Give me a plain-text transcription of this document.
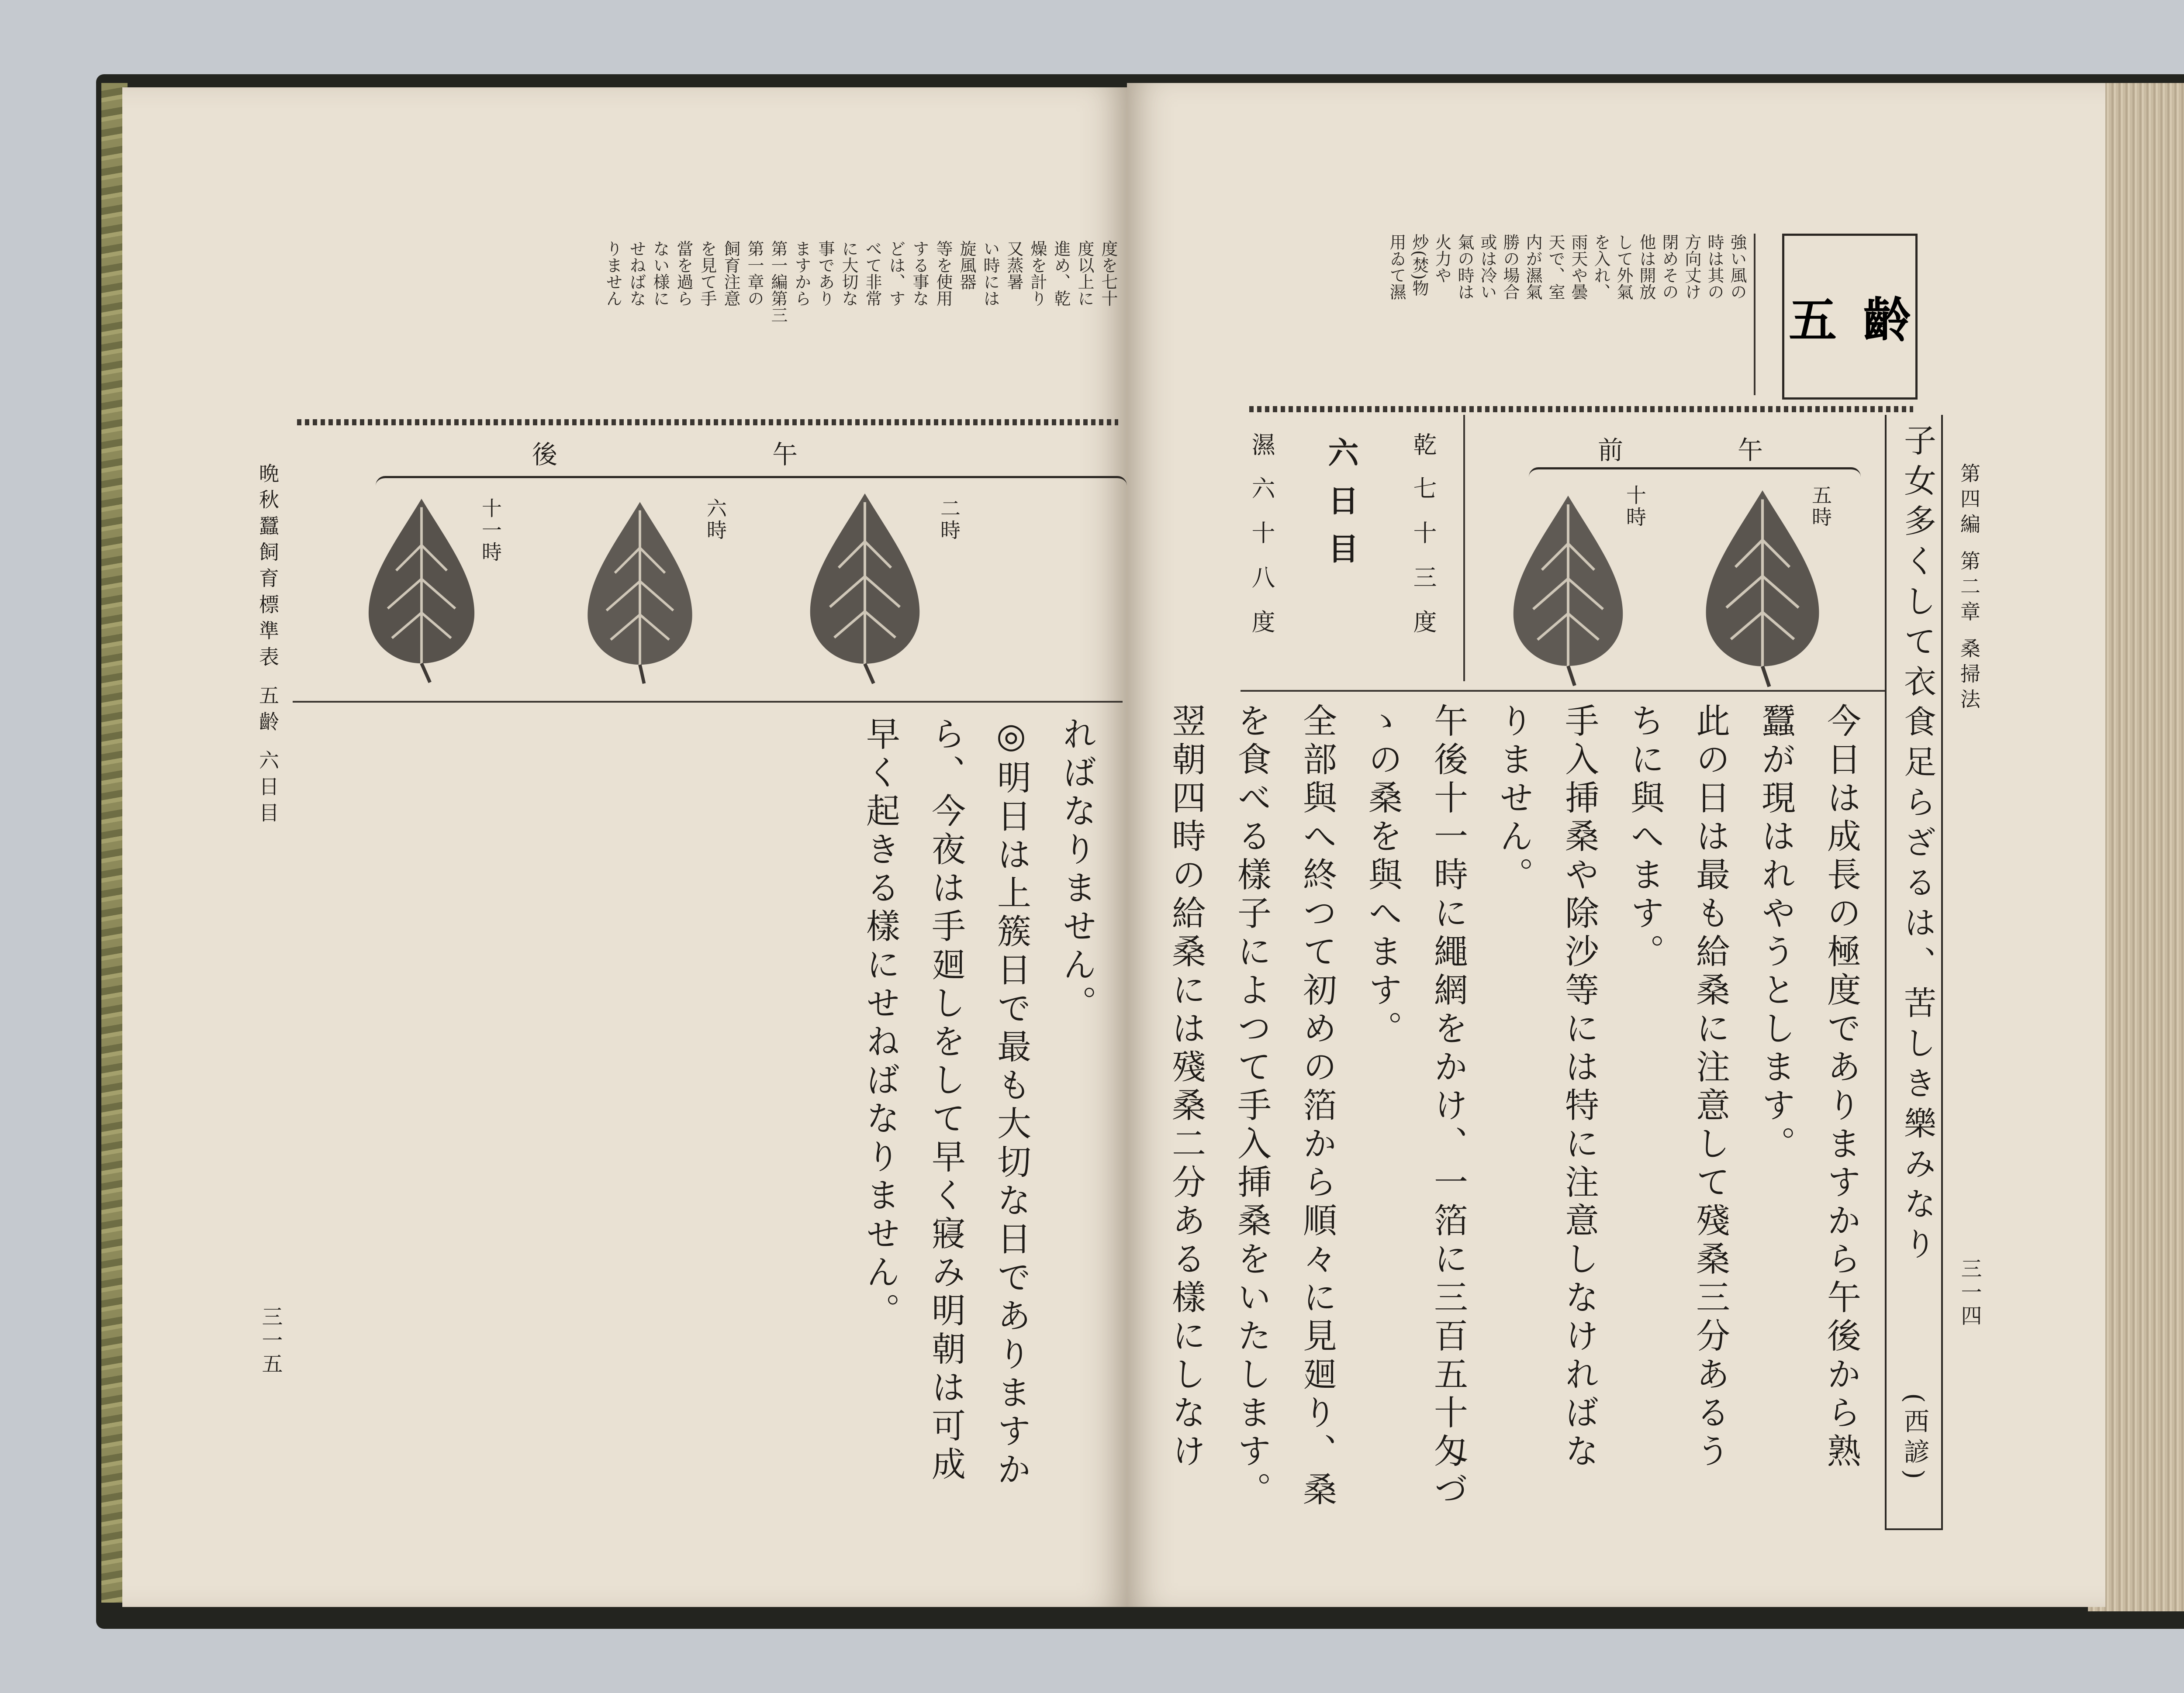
晩秋蠶飼育標準表 五齡 六日目
三一五
度を七十
度以上に
進め、乾
燥を計り
又蒸暑
い時には
旋風器
等を使用
する事な
どは、す
べて非常
に大切な
事であり
ますから
第一編第三
第一章の
飼育注意
を見て手
當を過ら
ない様に
せねばな
りません
午
後
二時
六時
十一時
ればなりません。
◎明日は上簇日で最も大切な日でありますか
ら、今夜は手廻しをして早く寢み明朝は可成
早く起きる樣にせねばなりません。
第四編 第二章 桑掃法
三一四
五齡
強い風の
時は其の
方向丈け
閉めその
他は開放
して外氣
を入れ、
雨天や曇
天で、室
内が濕氣
勝の場合
或は冷い
氣の時は
火力や
炒(焚)物
用ゐて濕
子女多くして衣食足らざるは、苦しき樂みなり
(西諺)
午
前
五時
十時
乾
七十三度
六日目
濕
六十八度
今日は成長の極度でありますから午後から熟
蠶が現はれやうとします。
此の日は最も給桑に注意して殘桑三分あるう
ちに與へます。
手入挿桑や除沙等には特に注意しなければな
りません。
午後十一時に繩網をかけ、一箔に三百五十匁づ
ゝの桑を與へます。
全部與へ終つて初めの箔から順々に見廻り、桑
を食べる樣子によつて手入挿桑をいたします。
翌朝四時の給桑には殘桑二分ある樣にしなけ
